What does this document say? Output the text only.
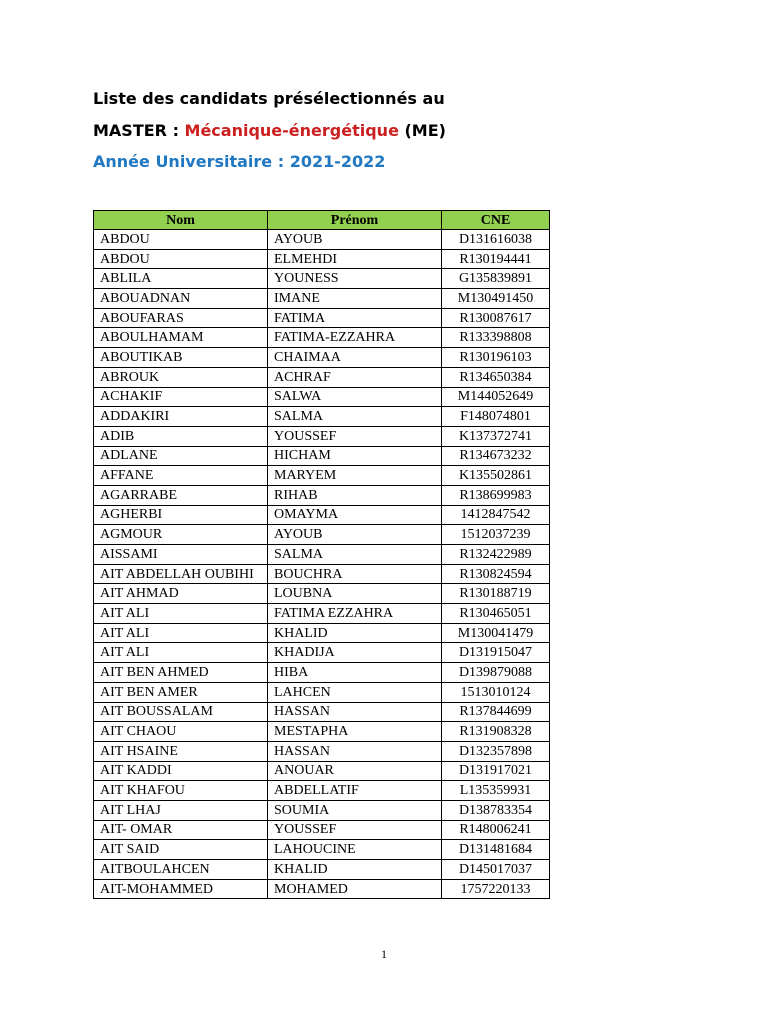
Liste des candidats présélectionnés au
MASTER : Mécanique-énergétique (ME)
Année Universitaire : 2021-2022
Nom	Prénom	CNE
ABDOU	AYOUB	D131616038
ABDOU	ELMEHDI	R130194441
ABLILA	YOUNESS	G135839891
ABOUADNAN	IMANE	M130491450
ABOUFARAS	FATIMA	R130087617
ABOULHAMAM	FATIMA-EZZAHRA	R133398808
ABOUTIKAB	CHAIMAA	R130196103
ABROUK	ACHRAF	R134650384
ACHAKIF	SALWA	M144052649
ADDAKIRI	SALMA	F148074801
ADIB	YOUSSEF	K137372741
ADLANE	HICHAM	R134673232
AFFANE	MARYEM	K135502861
AGARRABE	RIHAB	R138699983
AGHERBI	OMAYMA	1412847542
AGMOUR	AYOUB	1512037239
AISSAMI	SALMA	R132422989
AIT ABDELLAH OUBIHI	BOUCHRA	R130824594
AIT AHMAD	LOUBNA	R130188719
AIT ALI	FATIMA EZZAHRA	R130465051
AIT ALI	KHALID	M130041479
AIT ALI	KHADIJA	D131915047
AIT BEN AHMED	HIBA	D139879088
AIT BEN AMER	LAHCEN	1513010124
AIT BOUSSALAM	HASSAN	R137844699
AIT CHAOU	MESTAPHA	R131908328
AIT HSAINE	HASSAN	D132357898
AIT KADDI	ANOUAR	D131917021
AIT KHAFOU	ABDELLATIF	L135359931
AIT LHAJ	SOUMIA	D138783354
AIT- OMAR	YOUSSEF	R148006241
AIT SAID	LAHOUCINE	D131481684
AITBOULAHCEN	KHALID	D145017037
AIT-MOHAMMED	MOHAMED	1757220133
1
